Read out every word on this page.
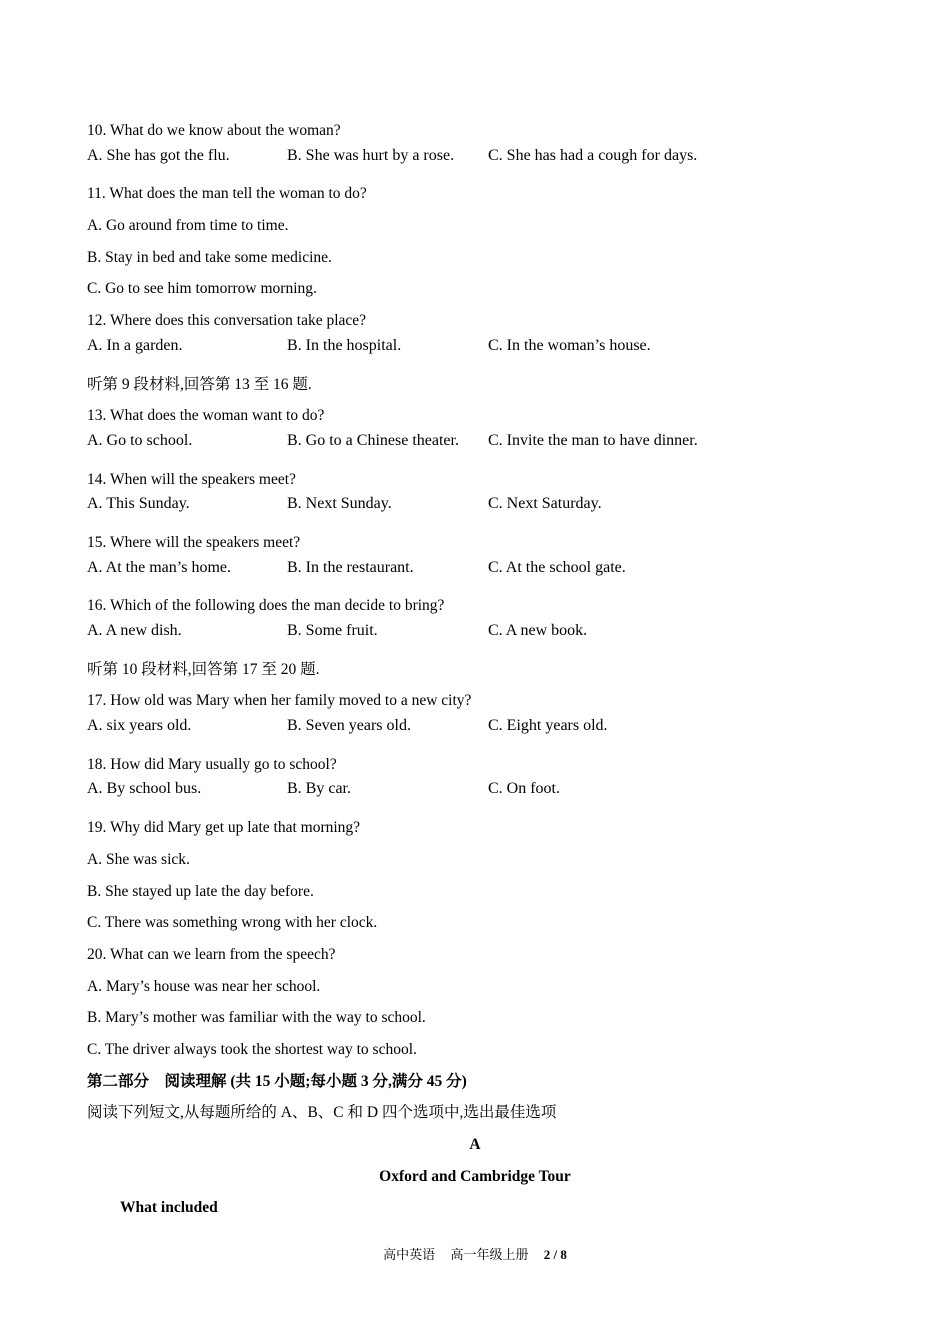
10. What do we know about the woman?
A. She has got the flu.	B. She was hurt by a rose. C. She has had a cough for days.
11. What does the man tell the woman to do?
A. Go around from time to time.
B. Stay in bed and take some medicine.
C. Go to see him tomorrow morning.
12. Where does this conversation take place?
A. In a garden.	B. In the hospital.	C. In the woman’s house.
听第 9 段材料,回答第 13 至 16 题.
13. What does the woman want to do?
A. Go to school.	B. Go to a Chinese theater. C. Invite the man to have dinner.
14. When will the speakers meet?
A. This Sunday.	B. Next Sunday.	C. Next Saturday.
15. Where will the speakers meet?
A. At the man’s home.	B. In the restaurant.	C. At the school gate.
16. Which of the following does the man decide to bring?
A. A new dish.	B. Some fruit.	C. A new book.
听第 10 段材料,回答第 17 至 20 题.
17. How old was Mary when her family moved to a new city?
A. six years old.	B. Seven years old.	C. Eight years old.
18. How did Mary usually go to school?
A. By school bus.	B. By car.	C. On foot.
19. Why did Mary get up late that morning?
A. She was sick.
B. She stayed up late the day before.
C. There was something wrong with her clock.
20. What can we learn from the speech?
A. Mary’s house was near her school.
B. Mary’s mother was familiar with the way to school.
C. The driver always took the shortest way to school.
第二部分　阅读理解 (共 15 小题;每小题 3 分,满分 45 分)
阅读下列短文,从每题所给的 A、B、C 和 D 四个选项中,选出最佳选项
A
Oxford and Cambridge Tour
What included
高中英语 高一年级上册 2 / 8
